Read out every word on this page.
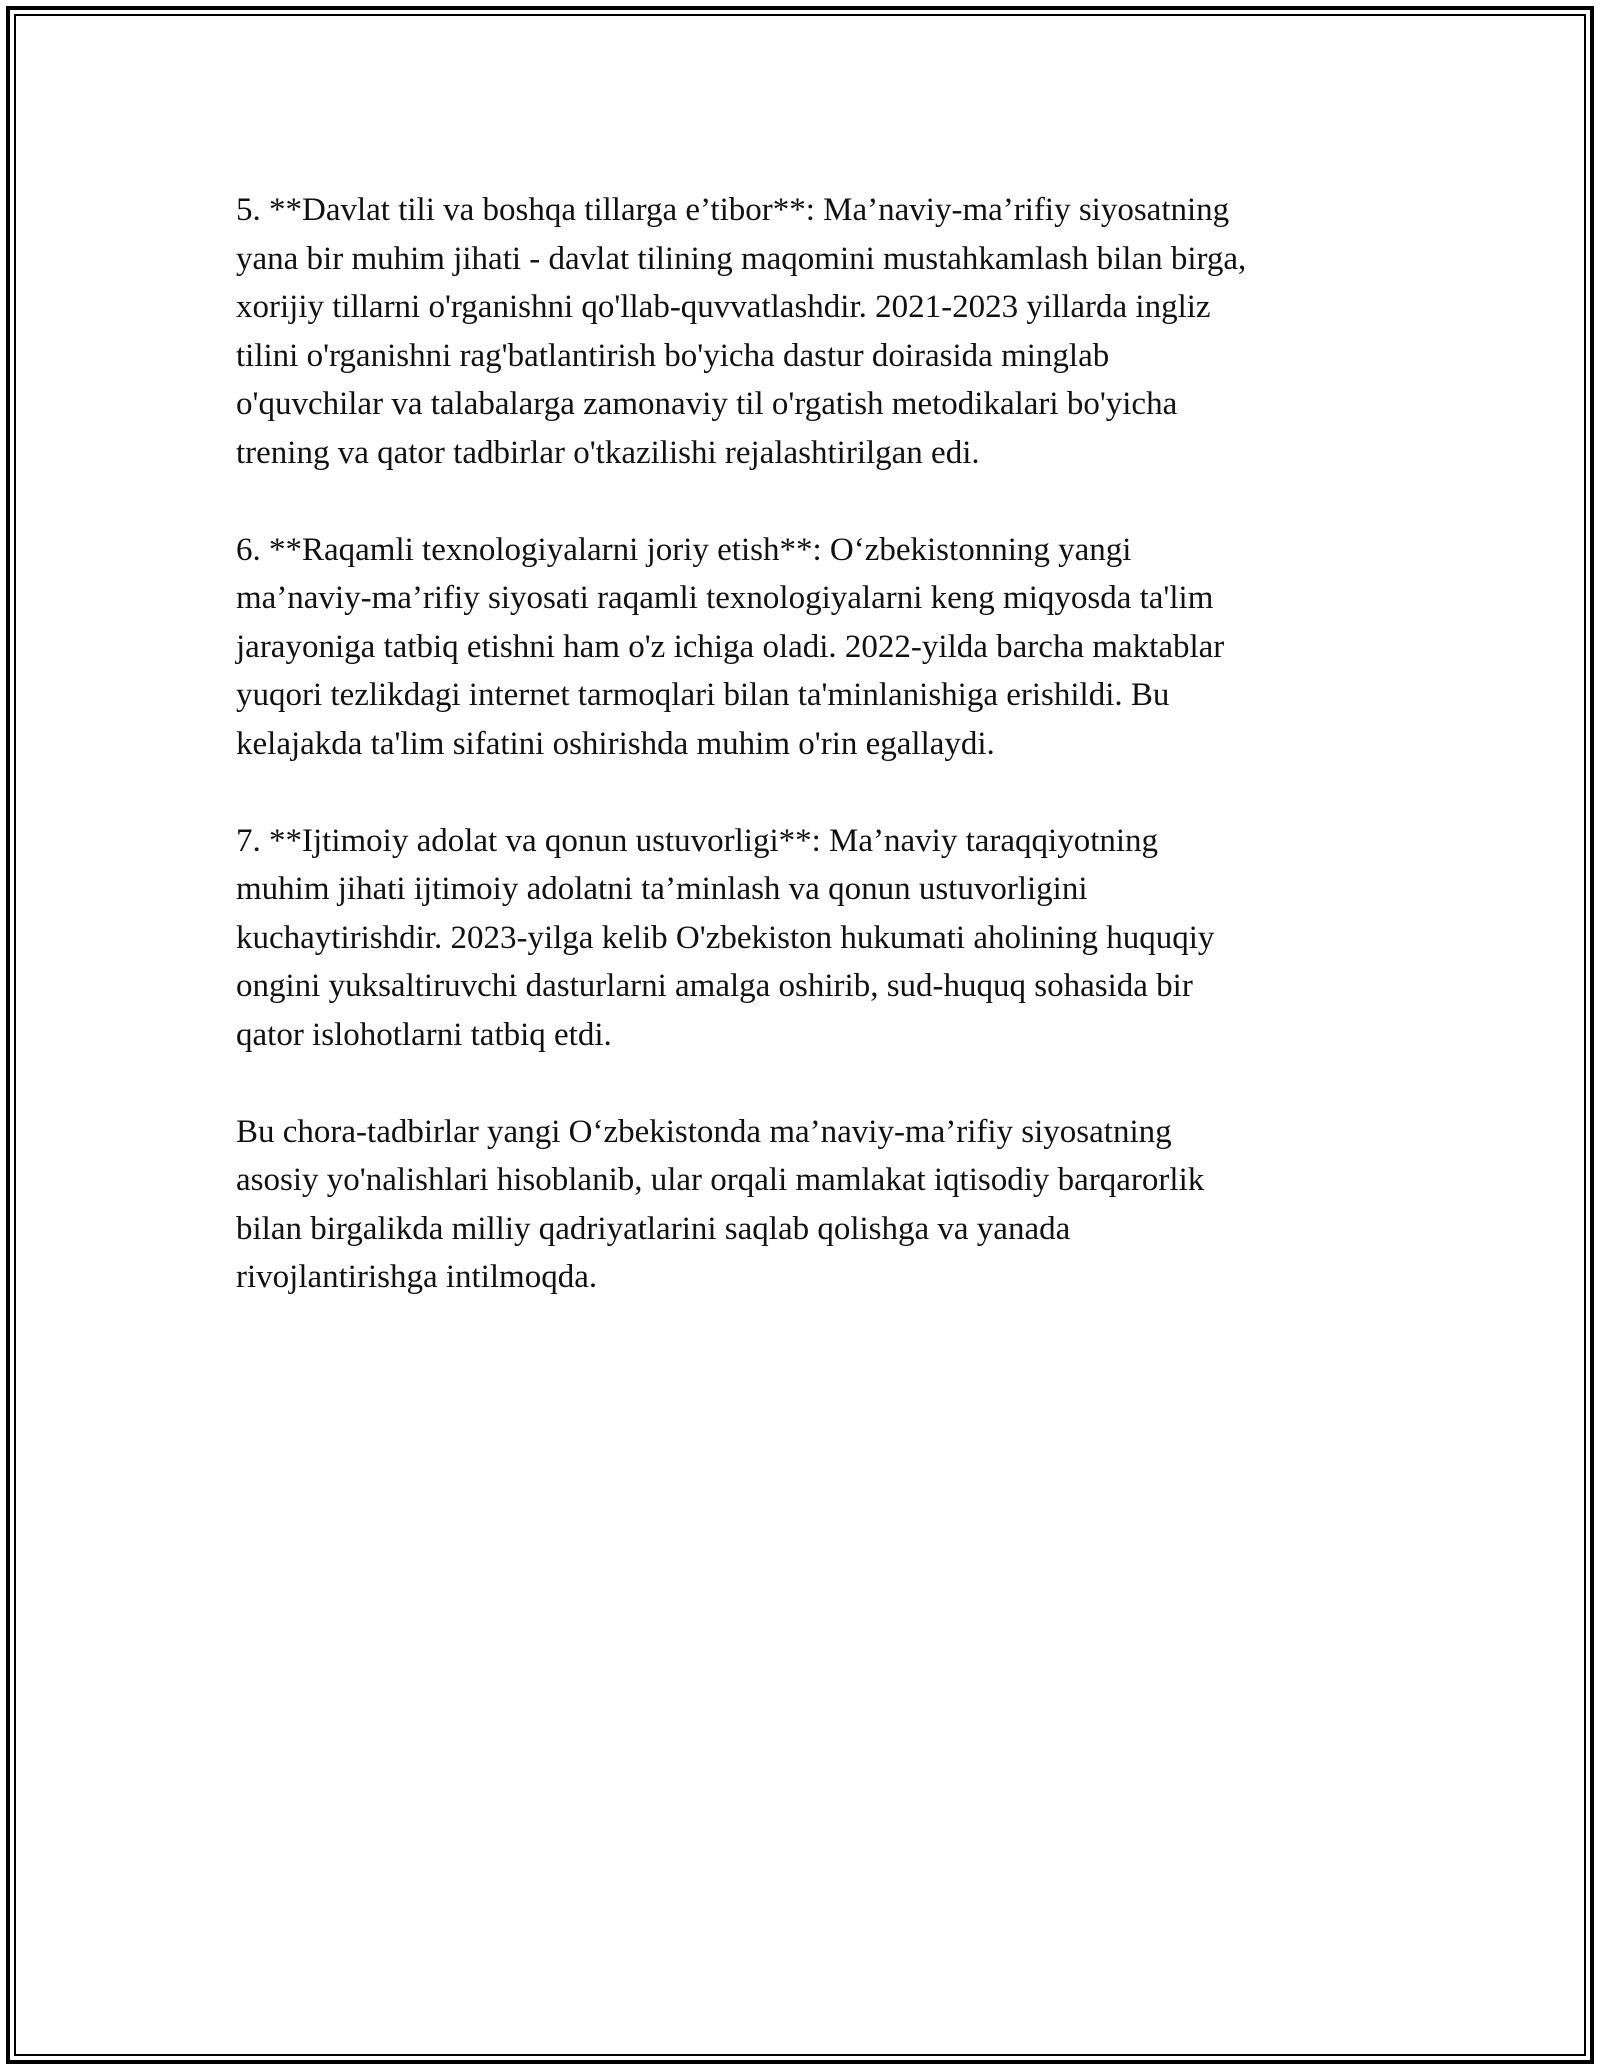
5. **Davlat tili va boshqa tillarga e’tibor**: Ma’naviy-ma’rifiy siyosatning
yana bir muhim jihati - davlat tilining maqomini mustahkamlash bilan birga,
xorijiy tillarni o'rganishni qo'llab-quvvatlashdir. 2021-2023 yillarda ingliz
tilini o'rganishni rag'batlantirish bo'yicha dastur doirasida minglab
o'quvchilar va talabalarga zamonaviy til o'rgatish metodikalari bo'yicha
trening va qator tadbirlar o'tkazilishi rejalashtirilgan edi.

6. **Raqamli texnologiyalarni joriy etish**: O‘zbekistonning yangi
ma’naviy-ma’rifiy siyosati raqamli texnologiyalarni keng miqyosda ta'lim
jarayoniga tatbiq etishni ham o'z ichiga oladi. 2022-yilda barcha maktablar
yuqori tezlikdagi internet tarmoqlari bilan ta'minlanishiga erishildi. Bu
kelajakda ta'lim sifatini oshirishda muhim o'rin egallaydi.

7. **Ijtimoiy adolat va qonun ustuvorligi**: Ma’naviy taraqqiyotning
muhim jihati ijtimoiy adolatni ta’minlash va qonun ustuvorligini
kuchaytirishdir. 2023-yilga kelib O'zbekiston hukumati aholining huquqiy
ongini yuksaltiruvchi dasturlarni amalga oshirib, sud-huquq sohasida bir
qator islohotlarni tatbiq etdi.

Bu chora-tadbirlar yangi O‘zbekistonda ma’naviy-ma’rifiy siyosatning
asosiy yo'nalishlari hisoblanib, ular orqali mamlakat iqtisodiy barqarorlik
bilan birgalikda milliy qadriyatlarini saqlab qolishga va yanada
rivojlantirishga intilmoqda.
